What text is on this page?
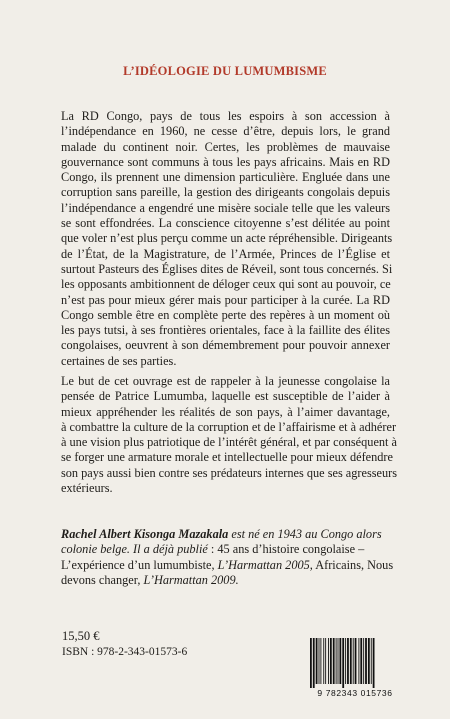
L’IDÉOLOGIE DU LUMUMBISME
La RD Congo, pays de tous les espoirs à son accession à
l’indépendance en 1960, ne cesse d’être, depuis lors, le grand
malade du continent noir. Certes, les problèmes de mauvaise
gouvernance sont communs à tous les pays africains. Mais en RD
Congo, ils prennent une dimension particulière. Engluée dans une
corruption sans pareille, la gestion des dirigeants congolais depuis
l’indépendance a engendré une misère sociale telle que les valeurs
se sont effondrées. La conscience citoyenne s’est délitée au point
que voler n’est plus perçu comme un acte répréhensible. Dirigeants
de l’État, de la Magistrature, de l’Armée, Princes de l’Église et
surtout Pasteurs des Églises dites de Réveil, sont tous concernés. Si
les opposants ambitionnent de déloger ceux qui sont au pouvoir, ce
n’est pas pour mieux gérer mais pour participer à la curée. La RD
Congo semble être en complète perte des repères à un moment où
les pays tutsi, à ses frontières orientales, face à la faillite des élites
congolaises, oeuvrent à son démembrement pour pouvoir annexer
certaines de ses parties.
Le but de cet ouvrage est de rappeler à la jeunesse congolaise la
pensée de Patrice Lumumba, laquelle est susceptible de l’aider à
mieux appréhender les réalités de son pays, à l’aimer davantage,
à combattre la culture de la corruption et de l’affairisme et à adhérer
à une vision plus patriotique de l’intérêt général, et par conséquent à
se forger une armature morale et intellectuelle pour mieux défendre
son pays aussi bien contre ses prédateurs internes que ses agresseurs
extérieurs.
Rachel Albert Kisonga Mazakala est né en 1943 au Congo alors
colonie belge. Il a déjà publié : 45 ans d’histoire congolaise –
L’expérience d’un lumumbiste, L’Harmattan 2005, Africains, Nous
devons changer, L’Harmattan 2009.
15,50 €
ISBN : 978-2-343-01573-6
9 782343 015736
